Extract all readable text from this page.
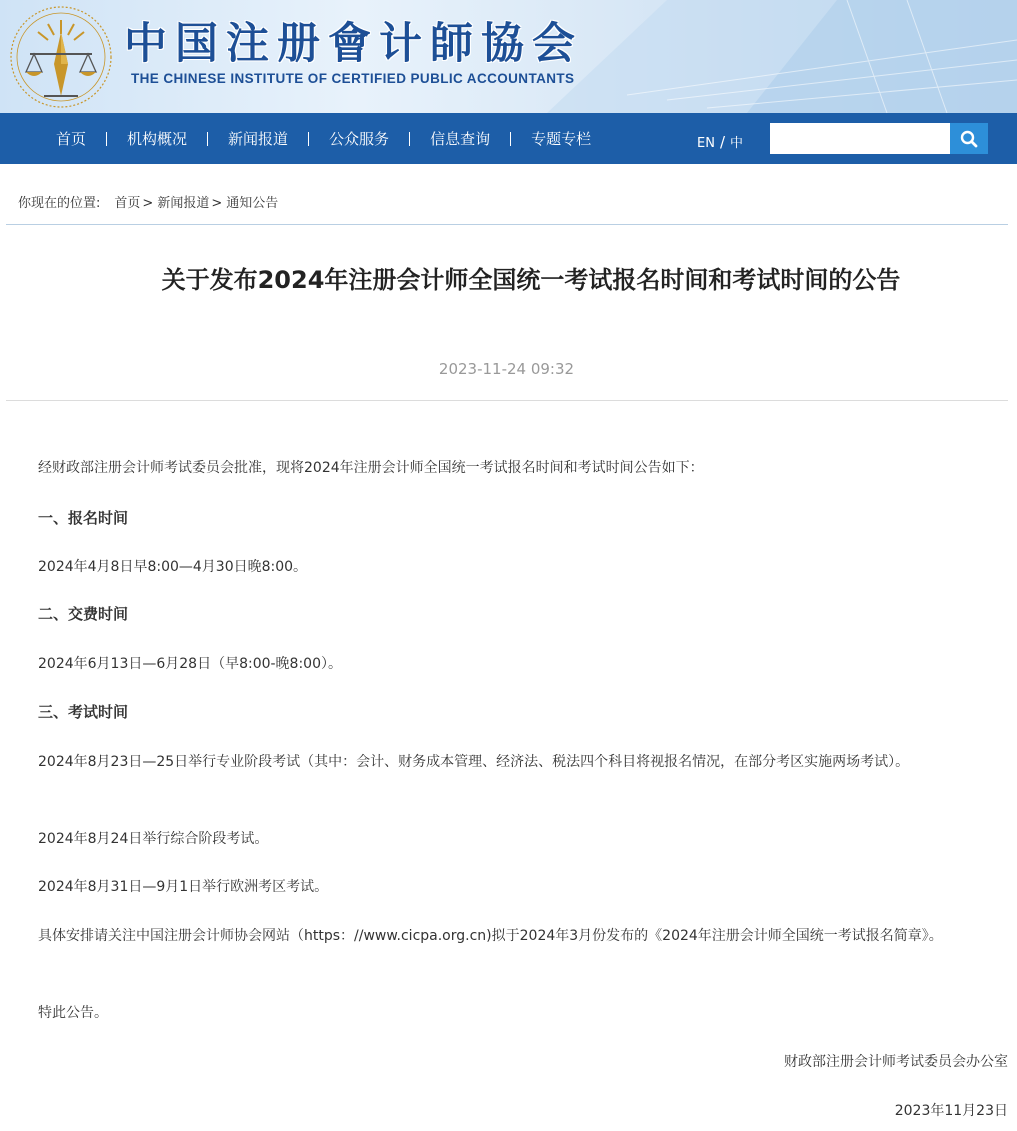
中国注册會计師協会
THE CHINESE INSTITUTE OF CERTIFIED PUBLIC ACCOUNTANTS
首页	机构概况	新闻报道	公众服务	信息查询	专题专栏	EN / 中
你现在的位置: 首页 > 新闻报道 > 通知公告
关于发布2024年注册会计师全国统一考试报名时间和考试时间的公告
2023-11-24 09:32
经财政部注册会计师考试委员会批准，现将2024年注册会计师全国统一考试报名时间和考试时间公告如下：
一、报名时间
2024年4月8日早8:00—4月30日晚8:00。
二、交费时间
2024年6月13日—6月28日（早8:00-晚8:00）。
三、考试时间
2024年8月23日—25日举行专业阶段考试（其中：会计、财务成本管理、经济法、税法四个科目将视报名情况，在部分考区实施两场考试）。
2024年8月24日举行综合阶段考试。
2024年8月31日—9月1日举行欧洲考区考试。
具体安排请关注中国注册会计师协会网站（https：//www.cicpa.org.cn)拟于2024年3月份发布的《2024年注册会计师全国统一考试报名简章》。
特此公告。
财政部注册会计师考试委员会办公室
2023年11月23日
